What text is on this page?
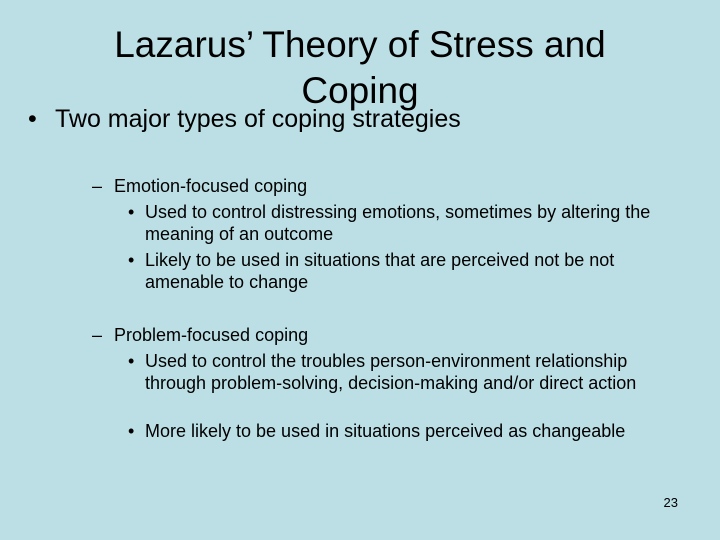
Lazarus’ Theory of Stress and Coping
• Two major types of coping strategies
– Emotion-focused coping
• Used to control distressing emotions, sometimes by altering the meaning of an outcome
• Likely to be used in situations that are perceived not be not amenable to change
– Problem-focused coping
• Used to control the troubles person-environment relationship through problem-solving, decision-making and/or direct action
• More likely to be used in situations perceived as changeable
23
